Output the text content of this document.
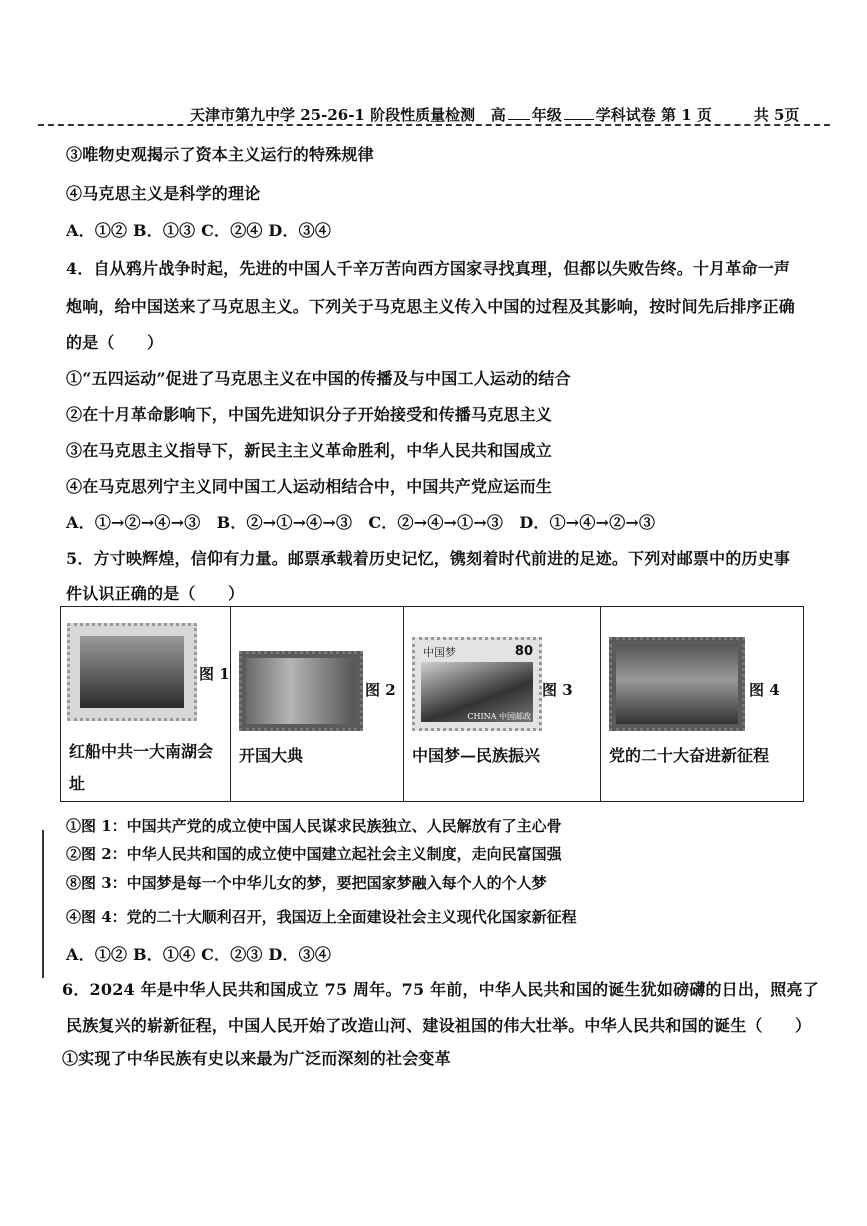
天津市第九中学 25-26-1 阶段性质量检测 高 年级 学科试卷 第 1 页	共 5页
③唯物史观揭示了资本主义运行的特殊规律
④马克思主义是科学的理论
A．①② B．①③ C．②④ D．③④
4．自从鸦片战争时起，先进的中国人千辛万苦向西方国家寻找真理，但都以失败告终。十月革命一声
炮响，给中国送来了马克思主义。下列关于马克思主义传入中国的过程及其影响，按时间先后排序正确
的是（　　）
①“五四运动”促进了马克思主义在中国的传播及与中国工人运动的结合
②在十月革命影响下，中国先进知识分子开始接受和传播马克思主义
③在马克思主义指导下，新民主主义革命胜利，中华人民共和国成立
④在马克思列宁主义同中国工人运动相结合中，中国共产党应运而生
A．①→②→④→③　B．②→①→④→③　C．②→④→①→③　D．①→④→②→③
5．方寸映辉煌，信仰有力量。邮票承载着历史记忆，镌刻着时代前进的足迹。下列对邮票中的历史事
件认识正确的是（　　）
图 1
红船中共一大南湖会
址
图 2
开国大典
中国梦	80
CHINA 中国邮政
图 3
中国梦—民族振兴
图 4
党的二十大奋进新征程
①图 1：中国共产党的成立使中国人民谋求民族独立、人民解放有了主心骨
②图 2：中华人民共和国的成立使中国建立起社会主义制度，走向民富国强
⑧图 3：中国梦是每一个中华儿女的梦，要把国家梦融入每个人的个人梦
④图 4：党的二十大顺利召开，我国迈上全面建设社会主义现代化国家新征程
A．①② B．①④ C．②③ D．③④
6．2024 年是中华人民共和国成立 75 周年。75 年前，中华人民共和国的诞生犹如磅礴的日出，照亮了
民族复兴的崭新征程，中国人民开始了改造山河、建设祖国的伟大壮举。中华人民共和国的诞生（　　）
①实现了中华民族有史以来最为广泛而深刻的社会变革
